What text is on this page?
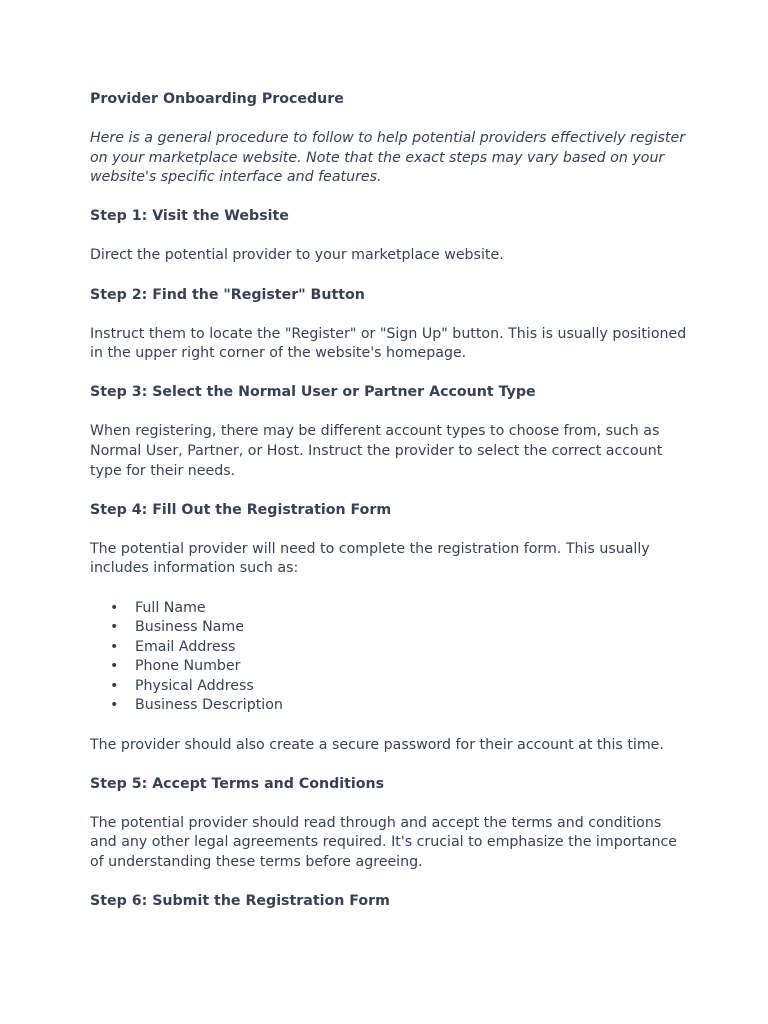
Provider Onboarding Procedure

Here is a general procedure to follow to help potential providers effectively register on your marketplace website. Note that the exact steps may vary based on your website's specific interface and features.

Step 1: Visit the Website

Direct the potential provider to your marketplace website.

Step 2: Find the "Register" Button

Instruct them to locate the "Register" or "Sign Up" button. This is usually positioned in the upper right corner of the website's homepage.

Step 3: Select the Normal User or Partner Account Type

When registering, there may be different account types to choose from, such as Normal User, Partner, or Host. Instruct the provider to select the correct account type for their needs.

Step 4: Fill Out the Registration Form

The potential provider will need to complete the registration form. This usually includes information such as:

• Full Name
• Business Name
• Email Address
• Phone Number
• Physical Address
• Business Description

The provider should also create a secure password for their account at this time.

Step 5: Accept Terms and Conditions

The potential provider should read through and accept the terms and conditions and any other legal agreements required. It's crucial to emphasize the importance of understanding these terms before agreeing.

Step 6: Submit the Registration Form
